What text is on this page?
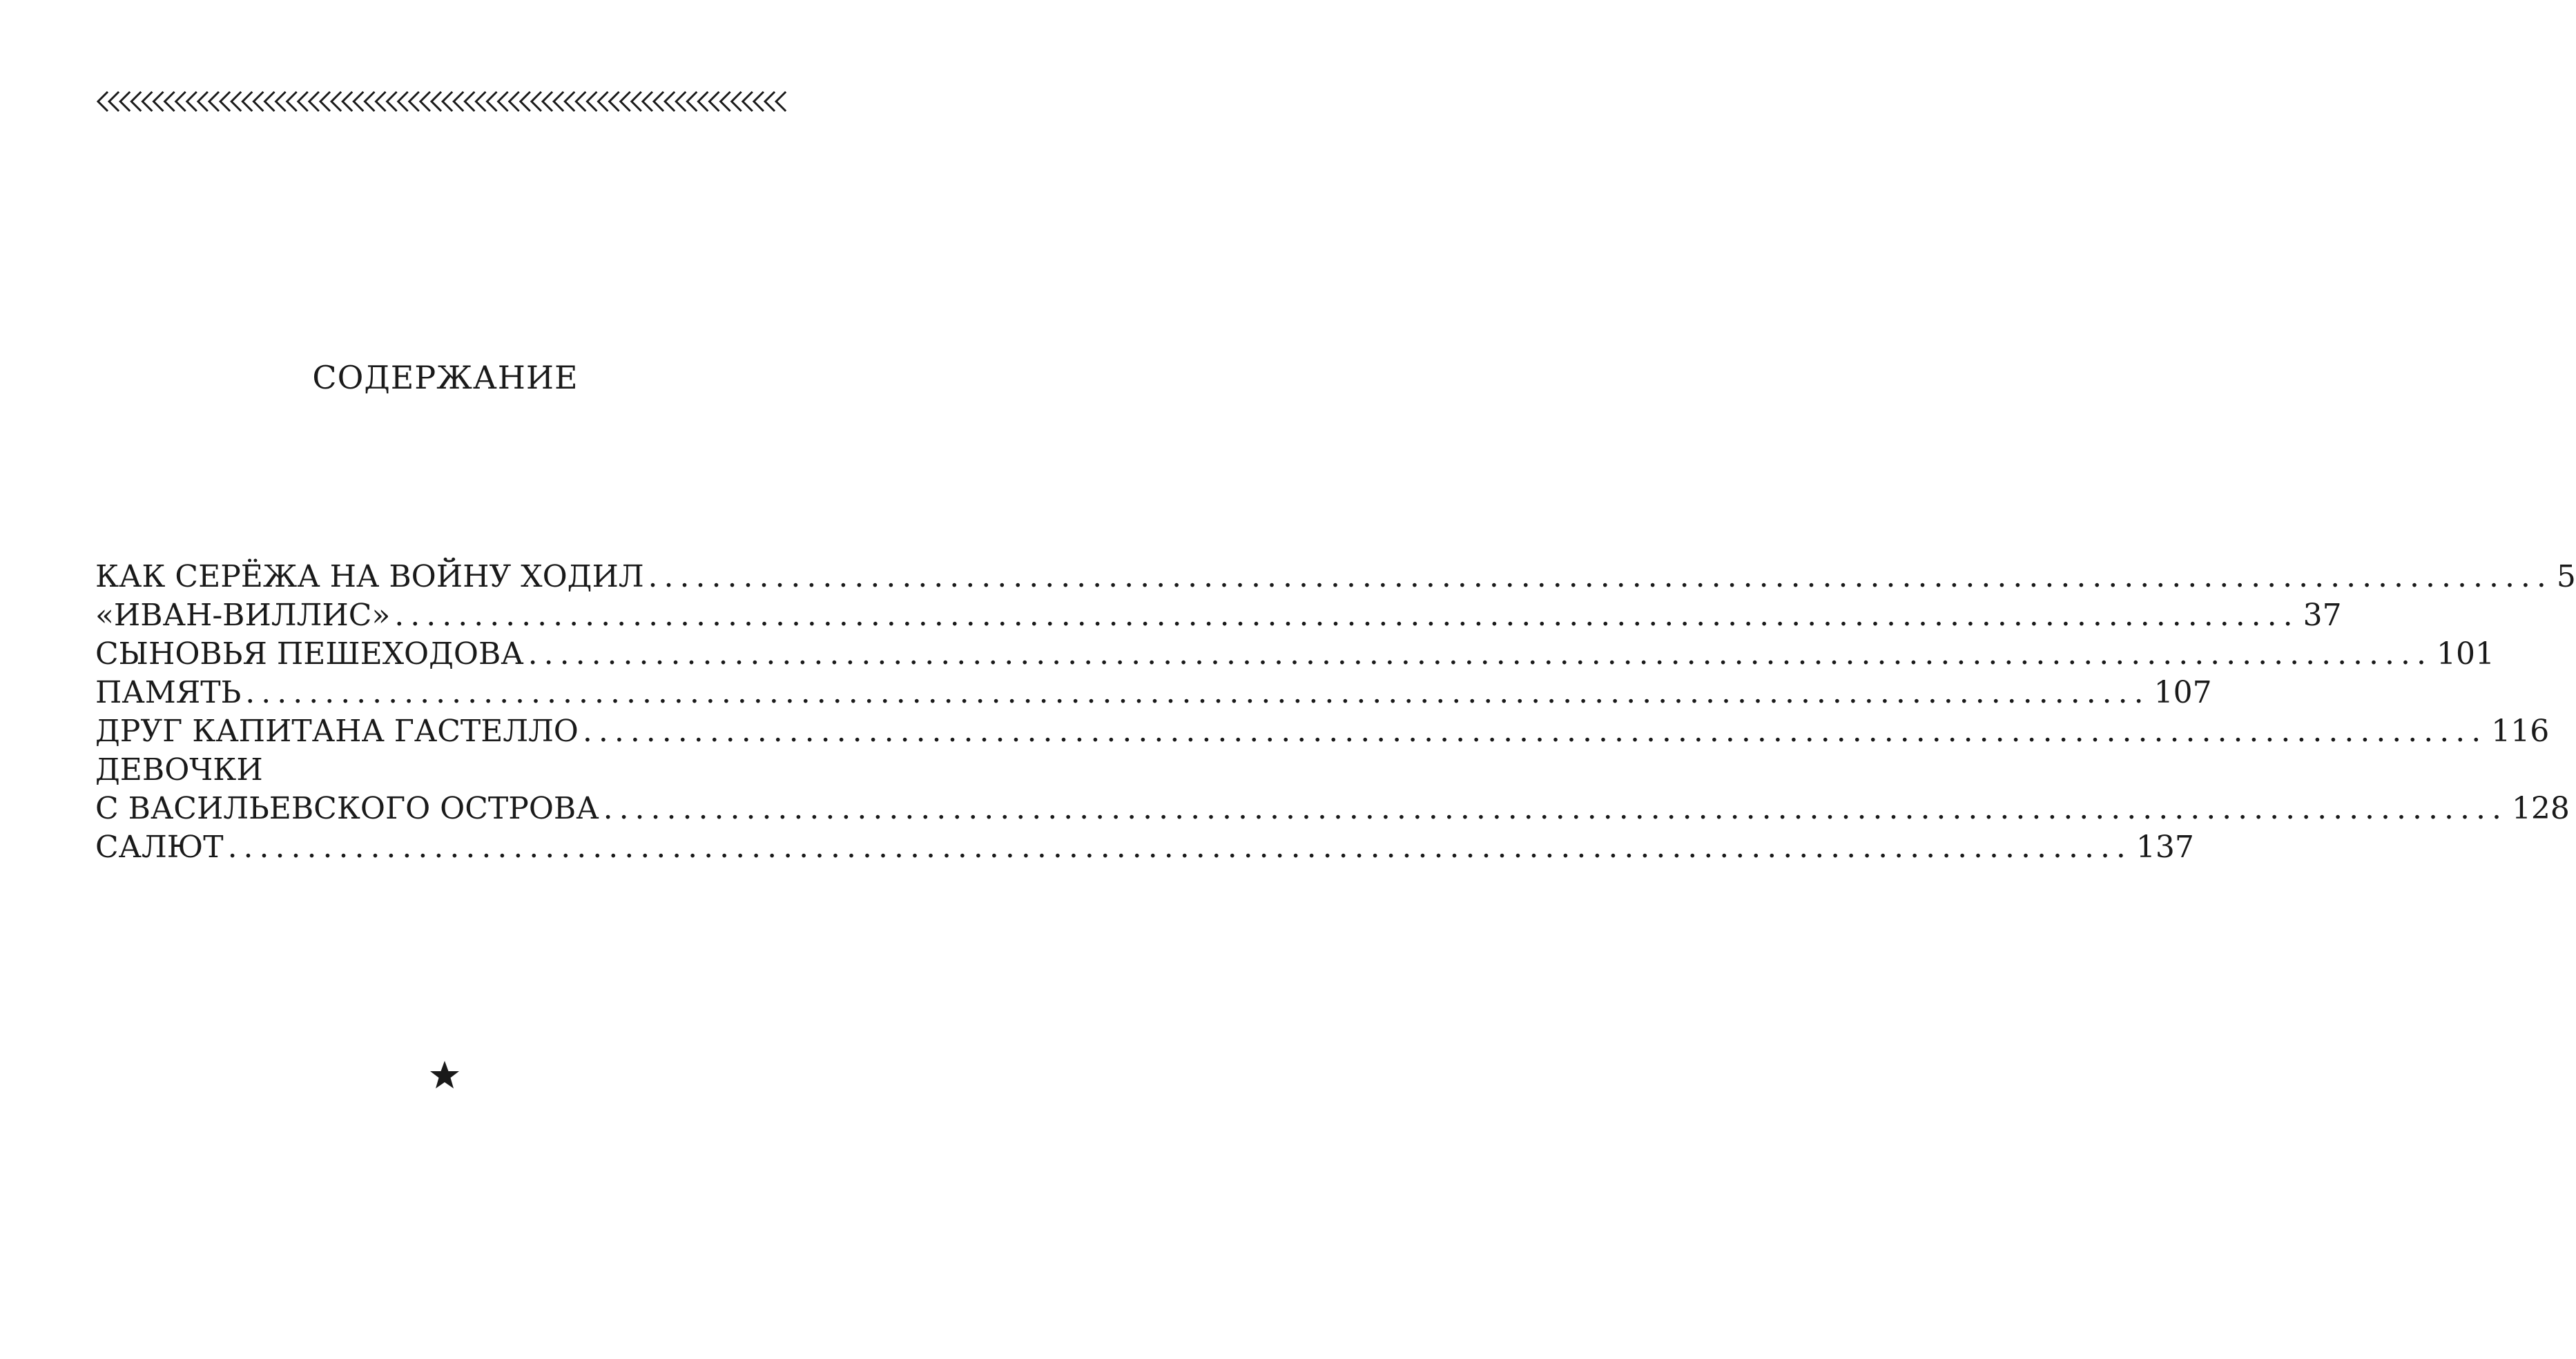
СОДЕРЖАНИЕ
КАК СЕРЁЖА НА ВОЙНУ ХОДИЛ ........................................................................................................................ 5
«ИВАН-ВИЛЛИС» ........................................................................................................................ 37
СЫНОВЬЯ ПЕШЕХОДОВА ........................................................................................................................ 101
ПАМЯТЬ ........................................................................................................................ 107
ДРУГ КАПИТАНА ГАСТЕЛЛО ........................................................................................................................ 116
ДЕВОЧКИ
С ВАСИЛЬЕВСКОГО ОСТРОВА ........................................................................................................................ 128
САЛЮТ ........................................................................................................................ 137
